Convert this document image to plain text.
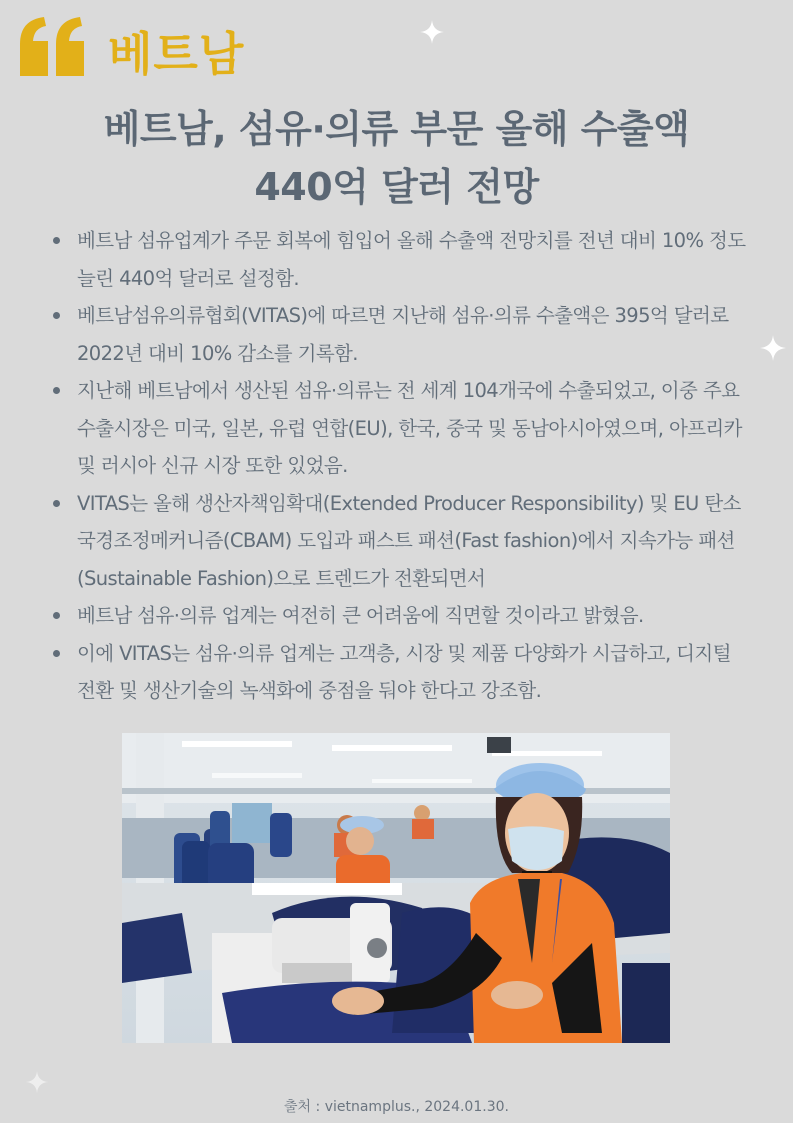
베트남
베트남, 섬유·의류 부문 올해 수출액
440억 달러 전망
베트남 섬유업계가 주문 회복에 힘입어 올해 수출액 전망치를 전년 대비 10% 정도 늘린 440억 달러로 설정함.
베트남섬유의류협회(VITAS)에 따르면 지난해 섬유·의류 수출액은 395억 달러로 2022년 대비 10% 감소를 기록함.
지난해 베트남에서 생산된 섬유·의류는 전 세계 104개국에 수출되었고, 이중 주요 수출시장은 미국, 일본, 유럽 연합(EU), 한국, 중국 및 동남아시아였으며, 아프리카 및 러시아 신규 시장 또한 있었음.
VITAS는 올해 생산자책임확대(Extended Producer Responsibility) 및 EU 탄소국경조정메커니즘(CBAM) 도입과 패스트 패션(Fast fashion)에서 지속가능 패션(Sustainable Fashion)으로 트렌드가 전환되면서
베트남 섬유·의류 업계는 여전히 큰 어려움에 직면할 것이라고 밝혔음.
이에 VITAS는 섬유·의류 업계는 고객층, 시장 및 제품 다양화가 시급하고, 디지털 전환 및 생산기술의 녹색화에 중점을 둬야 한다고 강조함.
출처 : vietnamplus., 2024.01.30.
